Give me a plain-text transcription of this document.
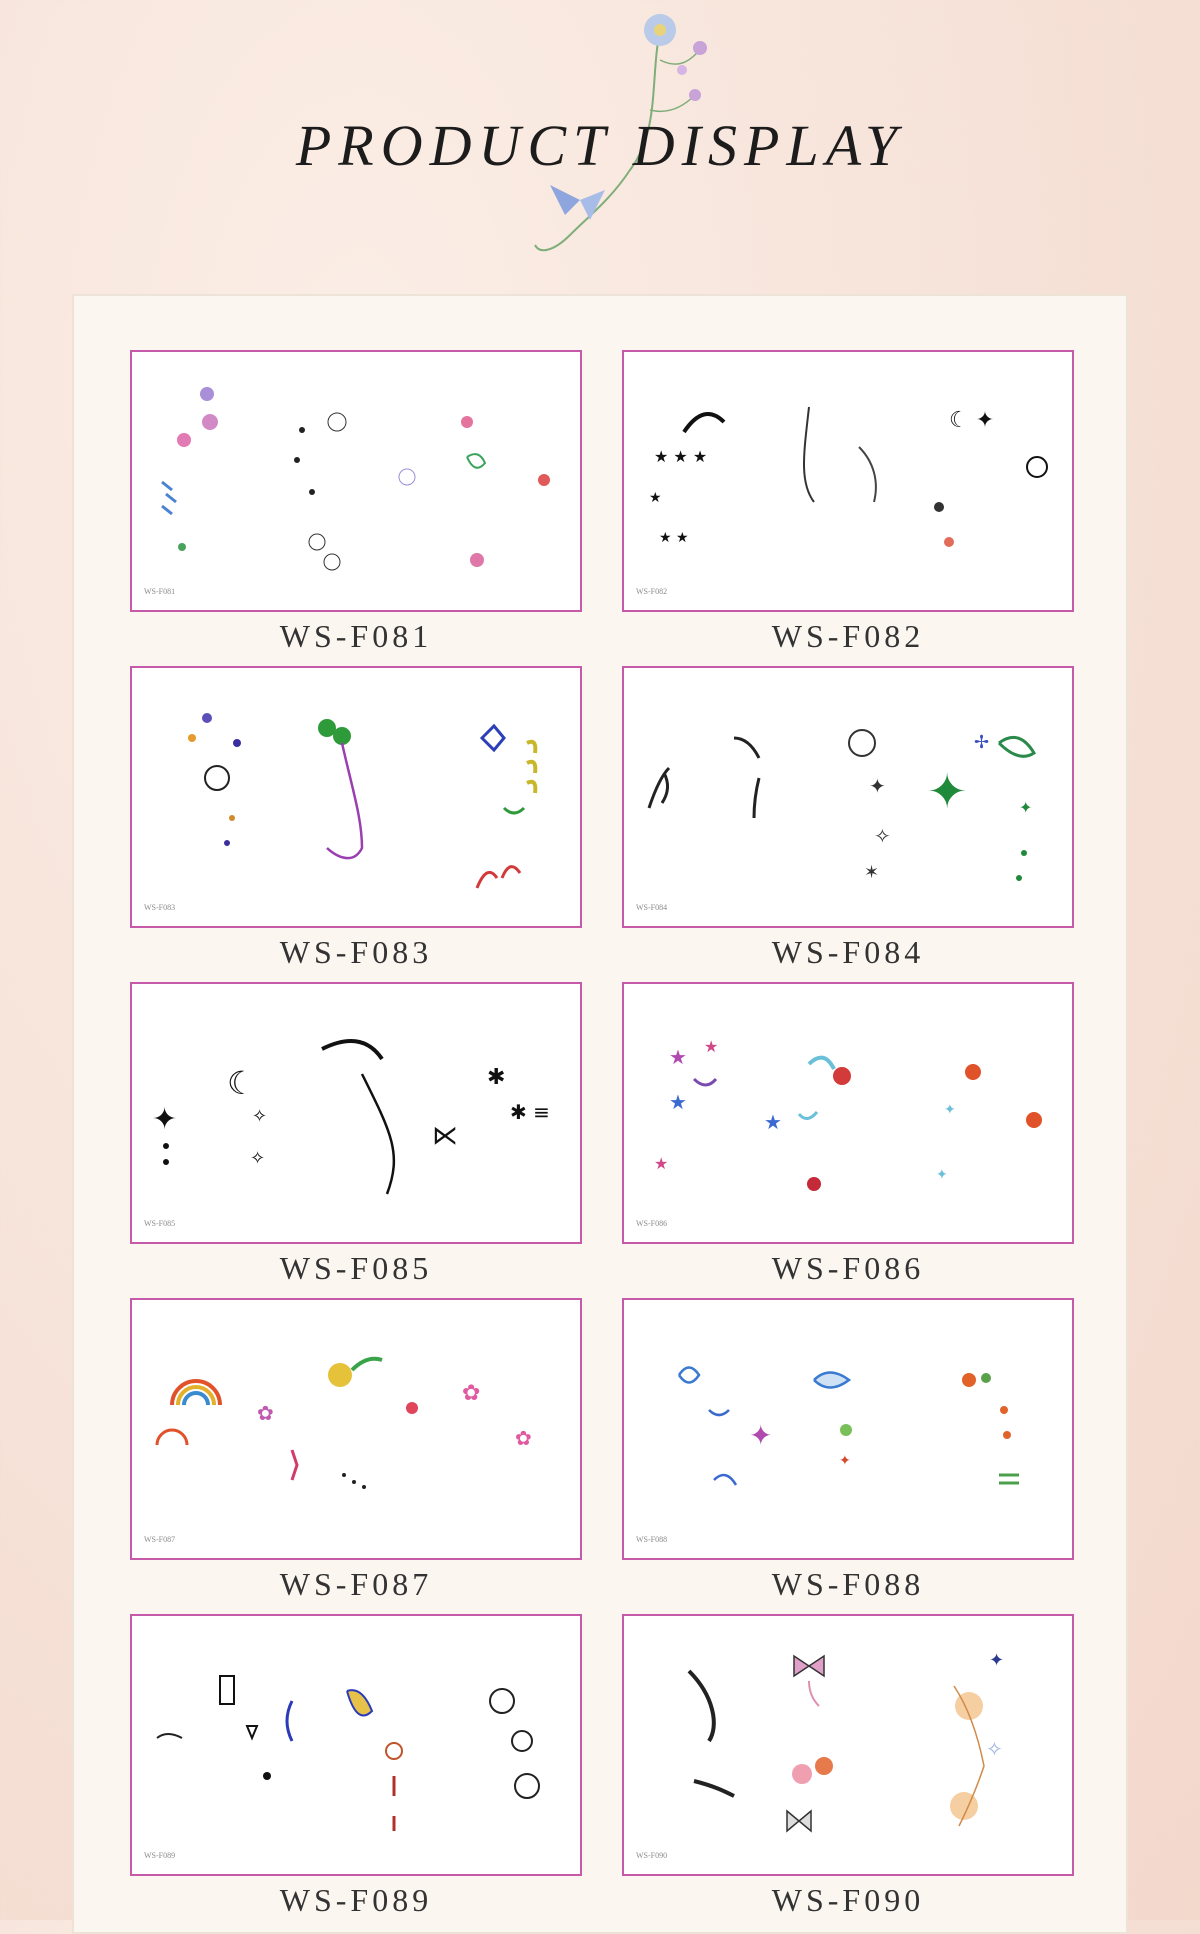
PRODUCT DISPLAY
WS-F081
WS-F081
★ ★ ★
★
★ ★
☾ ✦
WS-F082
WS-F082
WS-F083
WS-F083
✦
✧
✶
✦
✢
✦
WS-F084
WS-F084
✦
☾
✧
✧
⋉
✱
✱ ≡
WS-F085
WS-F085
★ ★
★
★
★	✦
✦
WS-F086
WS-F086
✿
✿
✿
WS-F087
WS-F087
✦
✦
WS-F088
WS-F088
WS-F089
WS-F089
✦
✧
WS-F090
WS-F090
